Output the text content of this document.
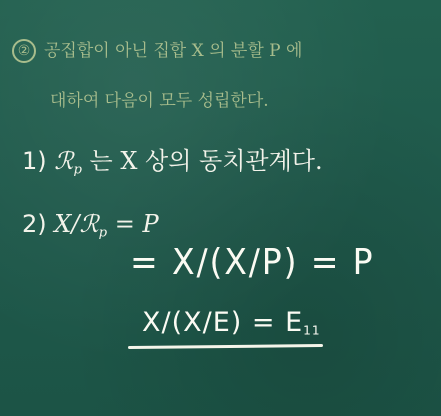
② 공집합이 아닌 집합 X 의 분할 P 에
대하여 다음이 모두 성립한다.
1) ℛ$_p$ 는 X 상의 동치관계다.
2) X/ℛ$_p$ = P
= X/(X/P) = P
X/(X/E) = E11
